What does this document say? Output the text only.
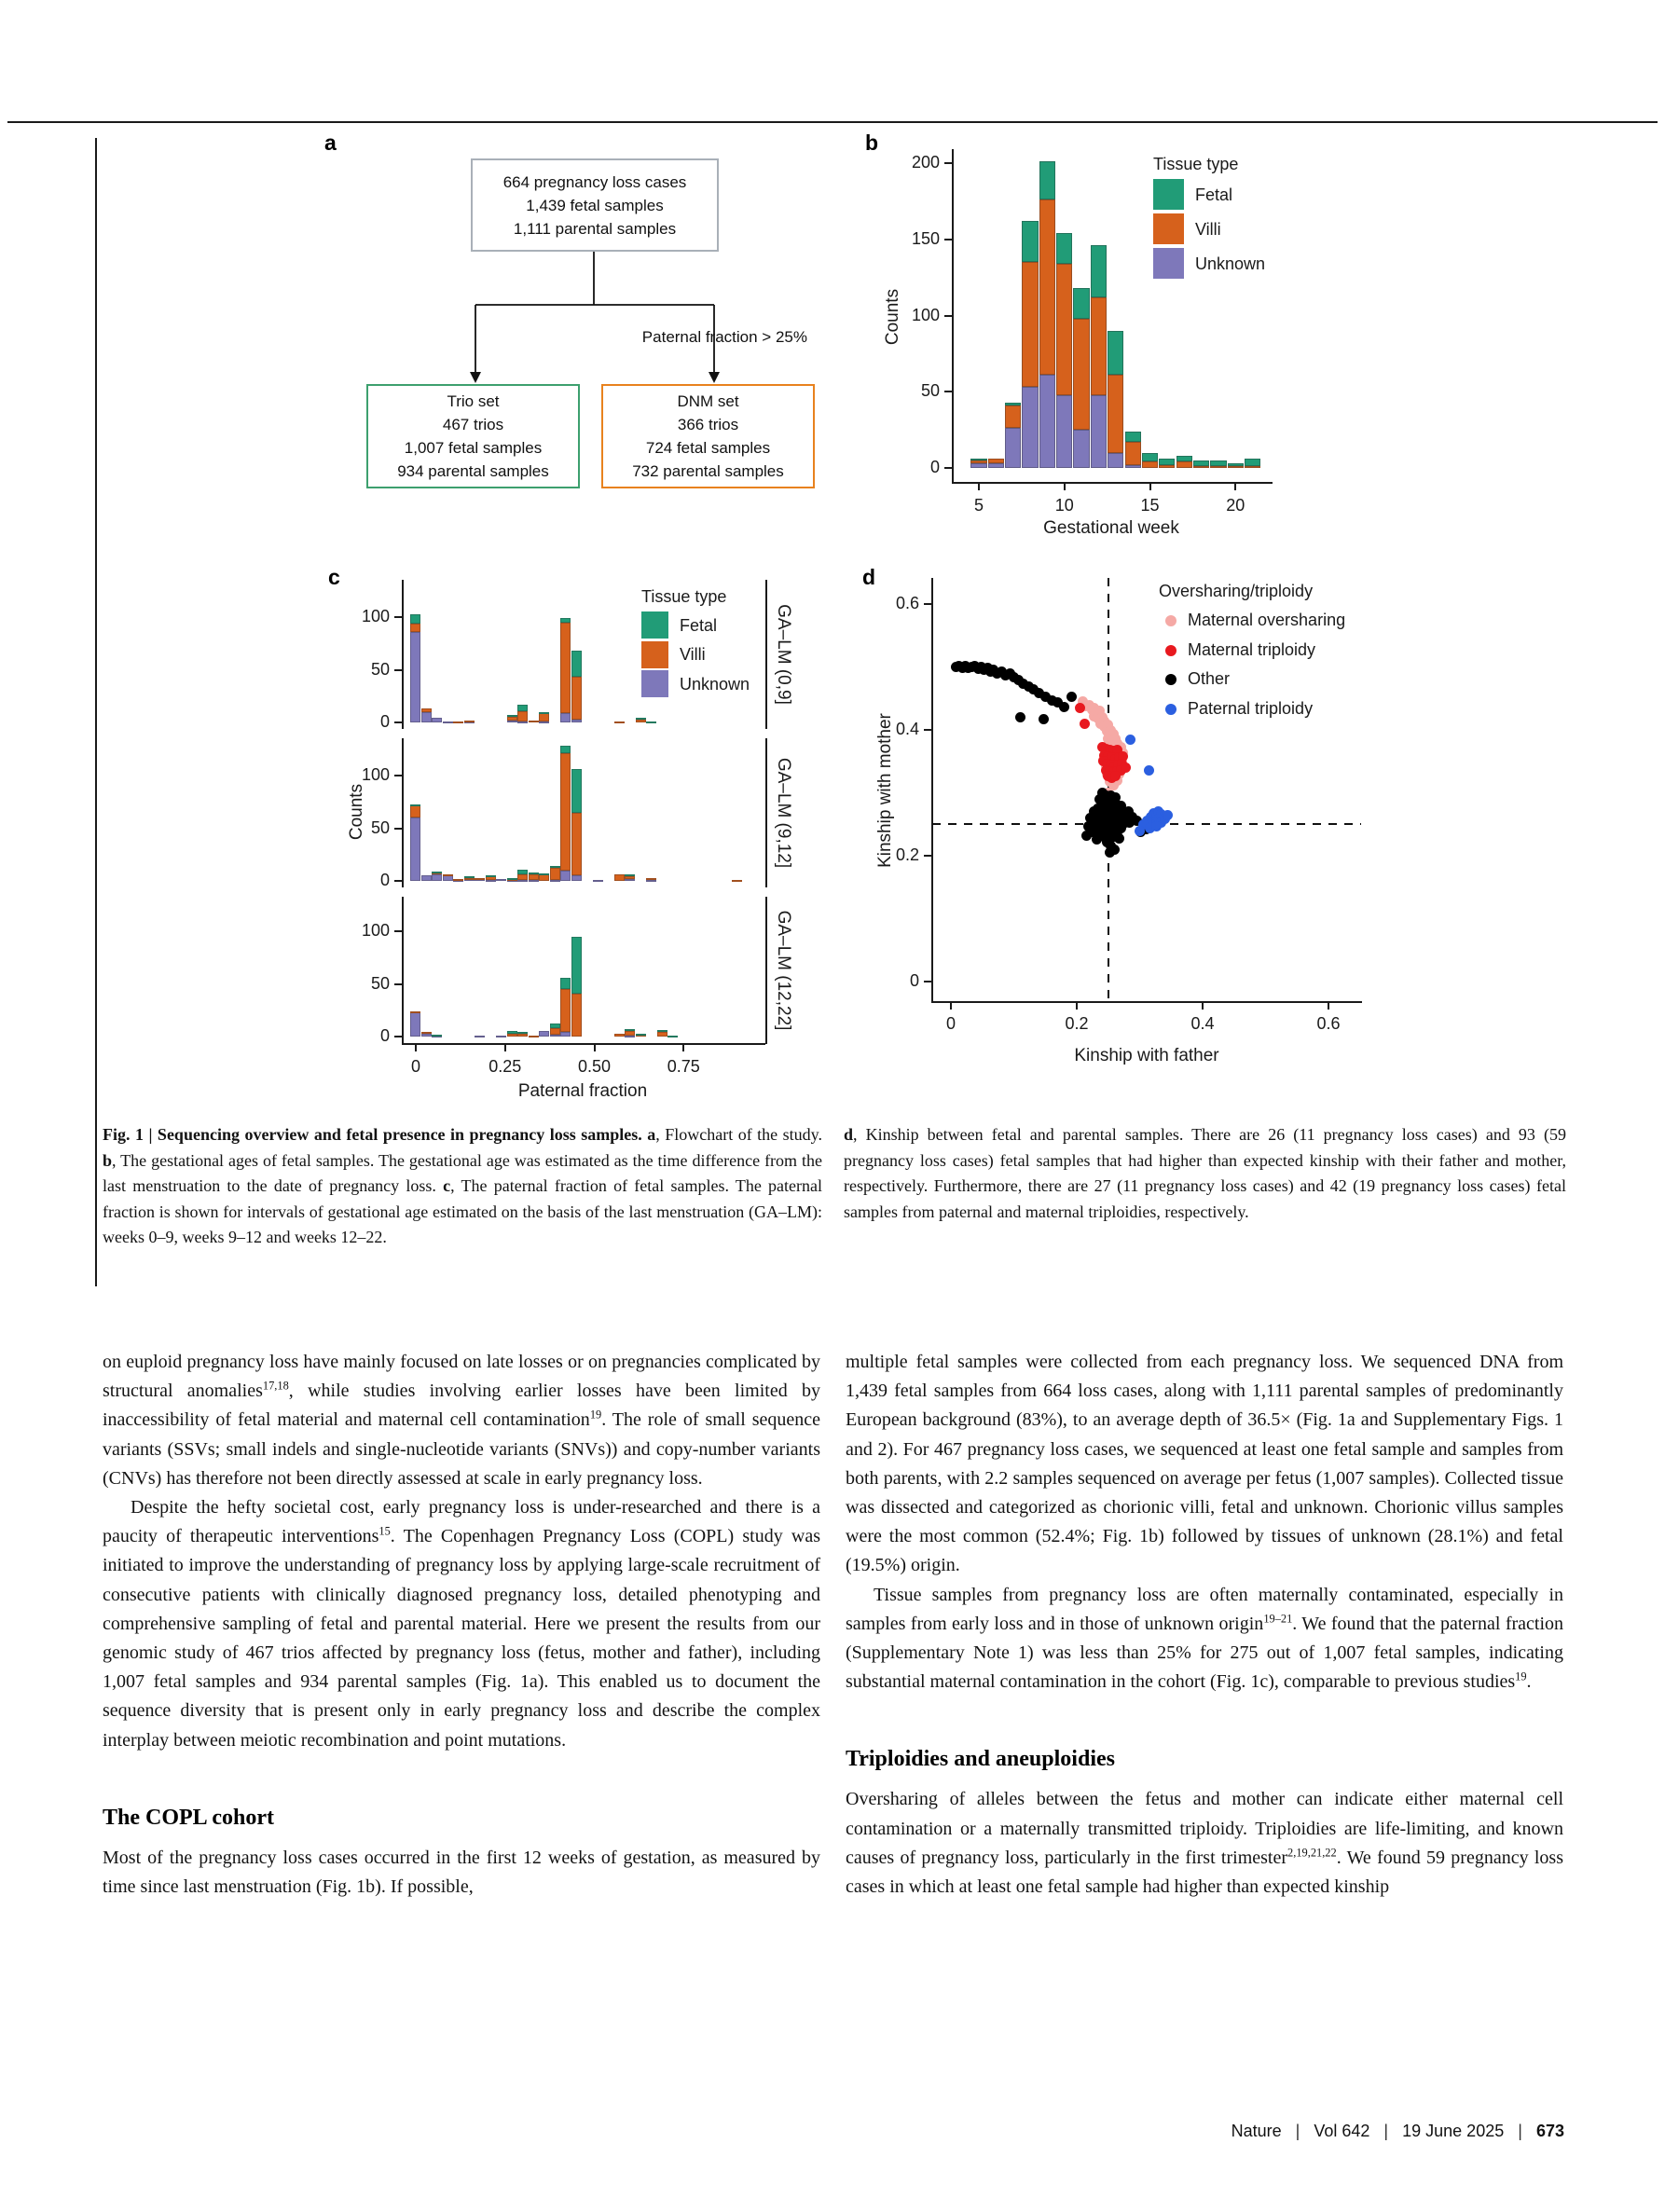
a	b
c	d
664 pregnancy loss cases
1,439 fetal samples
1,111 parental samples
Paternal fraction > 25%
Trio set
467 trios
1,007 fetal samples
934 parental samples
DNM set
366 trios
724 fetal samples
732 parental samples	0
50
100
150
200
5	10	15	20
Gestational week
Counts
Tissue type
Fetal
Villi
Unknown
0
50
100	GA–LM (0,9]
0
50
100	GA–LM (9,12]
0
50
100	GA–LM (12,22]
0	0.25	0.50	0.75
Paternal fraction
Counts
Tissue type
Fetal
Villi
Unknown
0
0.2
0.4
0.6
0	0.2	0.4	0.6
Kinship with father
Kinship with mother
Oversharing/triploidy
Maternal oversharing
Maternal triploidy
Other
Paternal triploidy
Fig. 1 | Sequencing overview and fetal presence in pregnancy loss samples. a, Flowchart of the study. b, The gestational ages of fetal samples. The gestational age was estimated as the time difference from the last menstruation to the date of pregnancy loss. c, The paternal fraction of fetal samples. The paternal fraction is shown for intervals of gestational age estimated on the basis of the last menstruation (GA–LM): weeks 0–9, weeks 9–12 and weeks 12–22.
d, Kinship between fetal and parental samples. There are 26 (11 pregnancy loss cases) and 93 (59 pregnancy loss cases) fetal samples that had higher than expected kinship with their father and mother, respectively. Furthermore, there are 27 (11 pregnancy loss cases) and 42 (19 pregnancy loss cases) fetal samples from paternal and maternal triploidies, respectively.

on euploid pregnancy loss have mainly focused on late losses or on pregnancies complicated by structural anomalies$^{17,18}$, while studies involving earlier losses have been limited by inaccessibility of fetal material and maternal cell contamination$^{19}$. The role of small sequence variants (SSVs; small indels and single-nucleotide variants (SNVs)) and copy-number variants (CNVs) has therefore not been directly assessed at scale in early pregnancy loss.

Despite the hefty societal cost, early pregnancy loss is under-researched and there is a paucity of therapeutic interventions$^{15}$. The Copenhagen Pregnancy Loss (COPL) study was initiated to improve the understanding of pregnancy loss by applying large-scale recruitment of consecutive patients with clinically diagnosed pregnancy loss, detailed phenotyping and comprehensive sampling of fetal and parental material. Here we present the results from our genomic study of 467 trios affected by pregnancy loss (fetus, mother and father), including 1,007 fetal samples and 934 parental samples (Fig. 1a). This enabled us to document the sequence diversity that is present only in early pregnancy loss and describe the complex interplay between meiotic recombination and point mutations.

The COPL cohort

Most of the pregnancy loss cases occurred in the first 12 weeks of gestation, as measured by time since last menstruation (Fig. 1b). If possible,

multiple fetal samples were collected from each pregnancy loss. We sequenced DNA from 1,439 fetal samples from 664 loss cases, along with 1,111 parental samples of predominantly European background (83%), to an average depth of 36.5× (Fig. 1a and Supplementary Figs. 1 and 2). For 467 pregnancy loss cases, we sequenced at least one fetal sample and samples from both parents, with 2.2 samples sequenced on average per fetus (1,007 samples). Collected tissue was dissected and categorized as chorionic villi, fetal and unknown. Chorionic villus samples were the most common (52.4%; Fig. 1b) followed by tissues of unknown (28.1%) and fetal (19.5%) origin.

Tissue samples from pregnancy loss are often maternally contaminated, especially in samples from early loss and in those of unknown origin$^{19-21}$. We found that the paternal fraction (Supplementary Note 1) was less than 25% for 275 out of 1,007 fetal samples, indicating substantial maternal contamination in the cohort (Fig. 1c), comparable to previous studies$^{19}$.

Triploidies and aneuploidies

Oversharing of alleles between the fetus and mother can indicate either maternal cell contamination or a maternally transmitted triploidy. Triploidies are life-limiting, and known causes of pregnancy loss, particularly in the first trimester$^{2,19,21,22}$. We found 59 pregnancy loss cases in which at least one fetal sample had higher than expected kinship

Nature | Vol 642 | 19 June 2025 | 673
